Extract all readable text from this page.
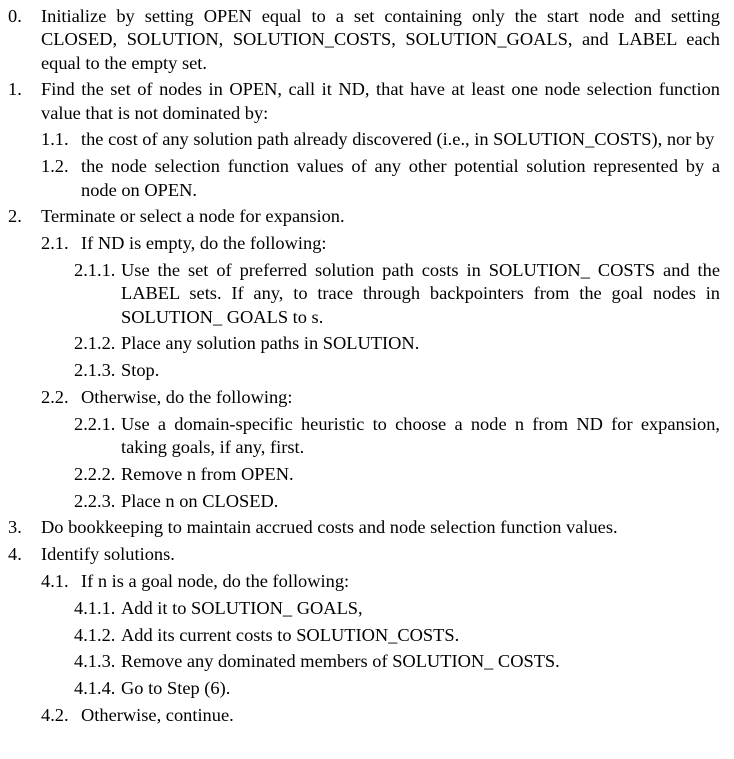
0. Initialize by setting OPEN equal to a set containing only the start node and setting CLOSED, SOLUTION, SOLUTION_COSTS, SOLUTION_GOALS, and LABEL each equal to the empty set.
1. Find the set of nodes in OPEN, call it ND, that have at least one node selection function value that is not dominated by:
1.1. the cost of any solution path already discovered (i.e., in SOLUTION_COSTS), nor by
1.2. the node selection function values of any other potential solution represented by a node on OPEN.
2. Terminate or select a node for expansion.
2.1. If ND is empty, do the following:
2.1.1. Use the set of preferred solution path costs in SOLUTION_ COSTS and the LABEL sets. If any, to trace through backpointers from the goal nodes in SOLUTION_ GOALS to s.
2.1.2. Place any solution paths in SOLUTION.
2.1.3. Stop.
2.2. Otherwise, do the following:
2.2.1. Use a domain-specific heuristic to choose a node n from ND for expansion, taking goals, if any, first.
2.2.2. Remove n from OPEN.
2.2.3. Place n on CLOSED.
3. Do bookkeeping to maintain accrued costs and node selection function values.
4. Identify solutions.
4.1. If n is a goal node, do the following:
4.1.1. Add it to SOLUTION_ GOALS,
4.1.2. Add its current costs to SOLUTION_COSTS.
4.1.3. Remove any dominated members of SOLUTION_ COSTS.
4.1.4. Go to Step (6).
4.2. Otherwise, continue.
